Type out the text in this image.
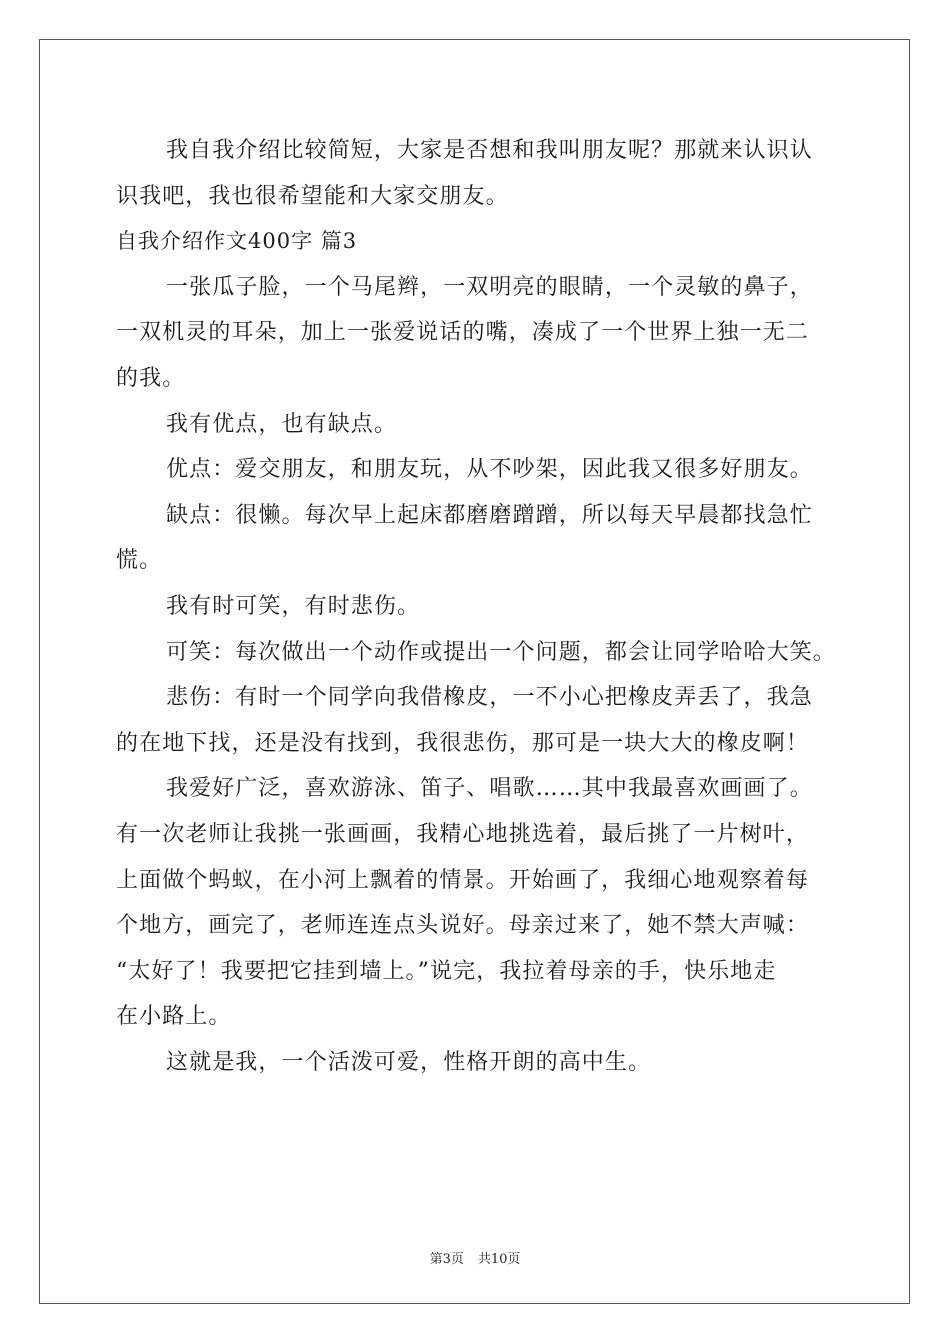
我自我介绍比较简短，大家是否想和我叫朋友呢？那就来认识认
识我吧，我也很希望能和大家交朋友。
自我介绍作文400字 篇3
一张瓜子脸，一个马尾辫，一双明亮的眼睛，一个灵敏的鼻子，
一双机灵的耳朵，加上一张爱说话的嘴，凑成了一个世界上独一无二
的我。
我有优点，也有缺点。
优点：爱交朋友，和朋友玩，从不吵架，因此我又很多好朋友。
缺点：很懒。每次早上起床都磨磨蹭蹭，所以每天早晨都找急忙
慌。
我有时可笑，有时悲伤。
可笑：每次做出一个动作或提出一个问题，都会让同学哈哈大笑。
悲伤：有时一个同学向我借橡皮，一不小心把橡皮弄丢了，我急
的在地下找，还是没有找到，我很悲伤，那可是一块大大的橡皮啊！
我爱好广泛，喜欢游泳、笛子、唱歌……其中我最喜欢画画了。
有一次老师让我挑一张画画，我精心地挑选着，最后挑了一片树叶，
上面做个蚂蚁，在小河上飘着的情景。开始画了，我细心地观察着每
个地方，画完了，老师连连点头说好。母亲过来了，她不禁大声喊：
“太好了！我要把它挂到墙上。”说完，我拉着母亲的手，快乐地走
在小路上。
这就是我，一个活泼可爱，性格开朗的高中生。
第3页 共10页
